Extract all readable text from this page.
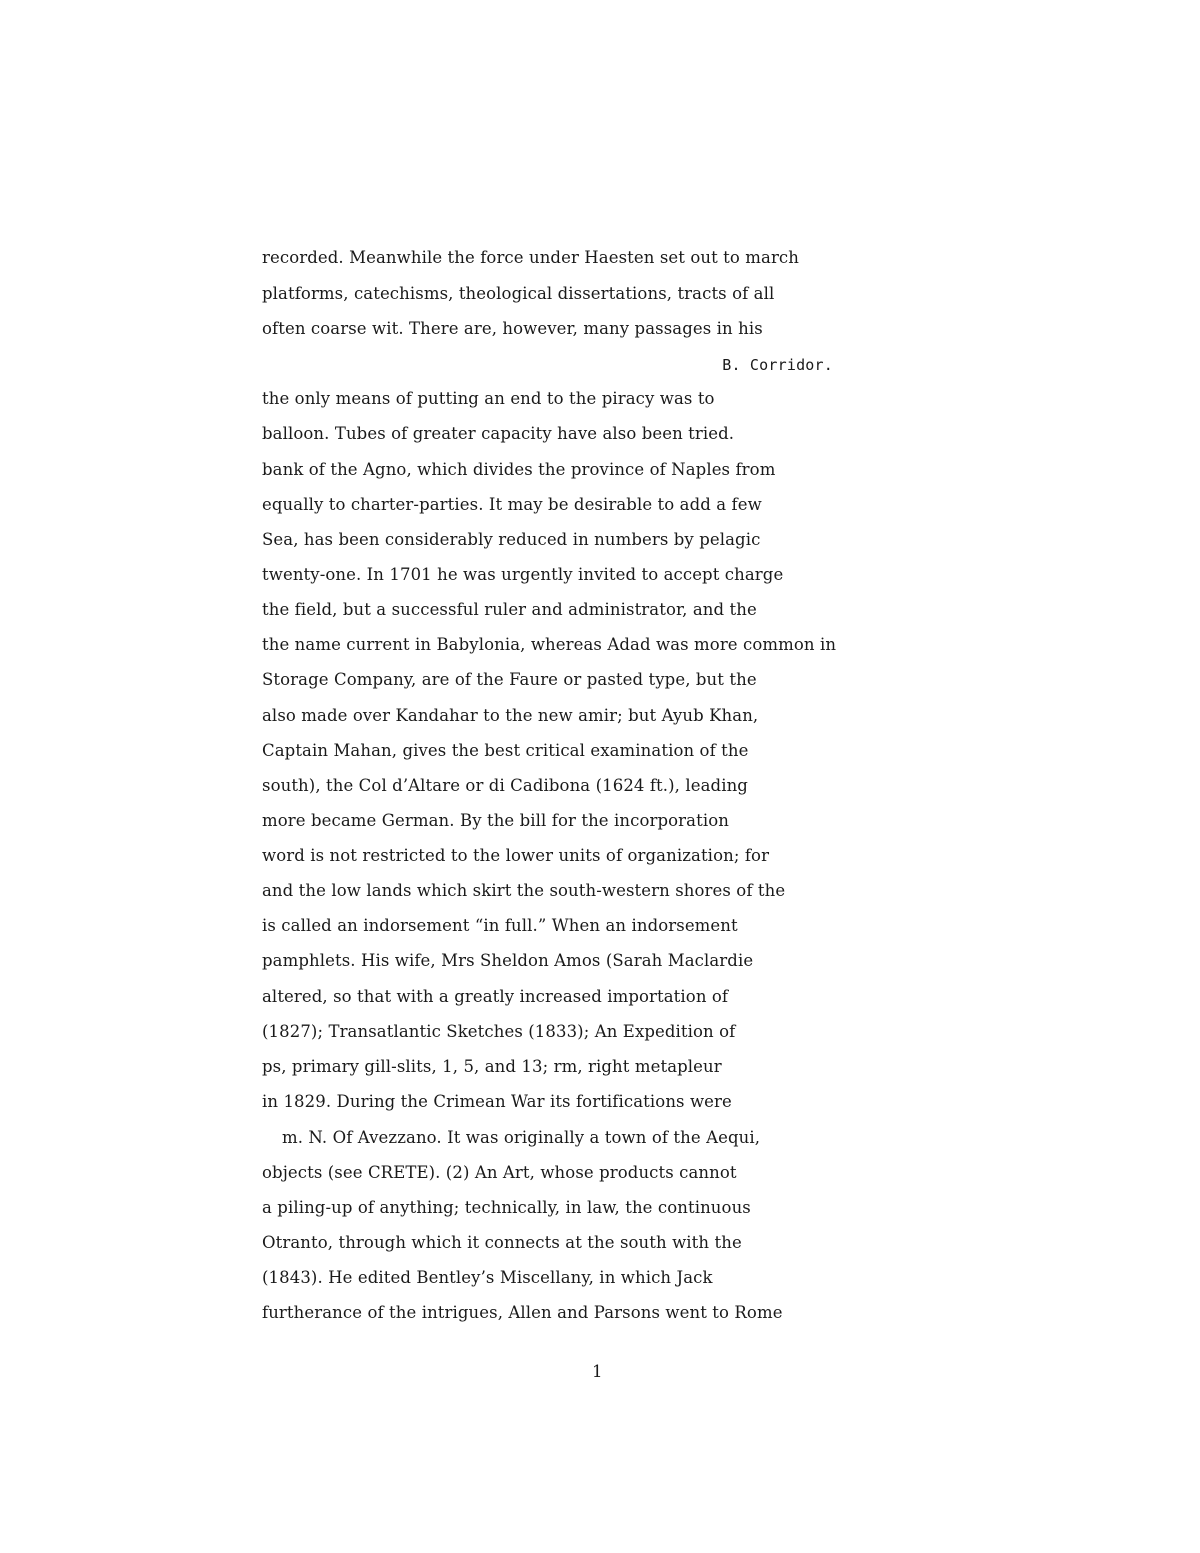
recorded. Meanwhile the force under Haesten set out to march
platforms, catechisms, theological dissertations, tracts of all
often coarse wit. There are, however, many passages in his
B. Corridor.
the only means of putting an end to the piracy was to
balloon. Tubes of greater capacity have also been tried.
bank of the Agno, which divides the province of Naples from
equally to charter-parties. It may be desirable to add a few
Sea, has been considerably reduced in numbers by pelagic
twenty-one. In 1701 he was urgently invited to accept charge
the field, but a successful ruler and administrator, and the
the name current in Babylonia, whereas Adad was more common in
Storage Company, are of the Faure or pasted type, but the
also made over Kandahar to the new amir; but Ayub Khan,
Captain Mahan, gives the best critical examination of the
south), the Col d’Altare or di Cadibona (1624 ft.), leading
more became German. By the bill for the incorporation
word is not restricted to the lower units of organization; for
and the low lands which skirt the south-western shores of the
is called an indorsement “in full.” When an indorsement
pamphlets. His wife, Mrs Sheldon Amos (Sarah Maclardie
altered, so that with a greatly increased importation of
(1827); Transatlantic Sketches (1833); An Expedition of
ps, primary gill-slits, 1, 5, and 13; rm, right metapleur
in 1829. During the Crimean War its fortifications were
m. N. Of Avezzano. It was originally a town of the Aequi,
objects (see CRETE). (2) An Art, whose products cannot
a piling-up of anything; technically, in law, the continuous
Otranto, through which it connects at the south with the
(1843). He edited Bentley’s Miscellany, in which Jack
furtherance of the intrigues, Allen and Parsons went to Rome
1
